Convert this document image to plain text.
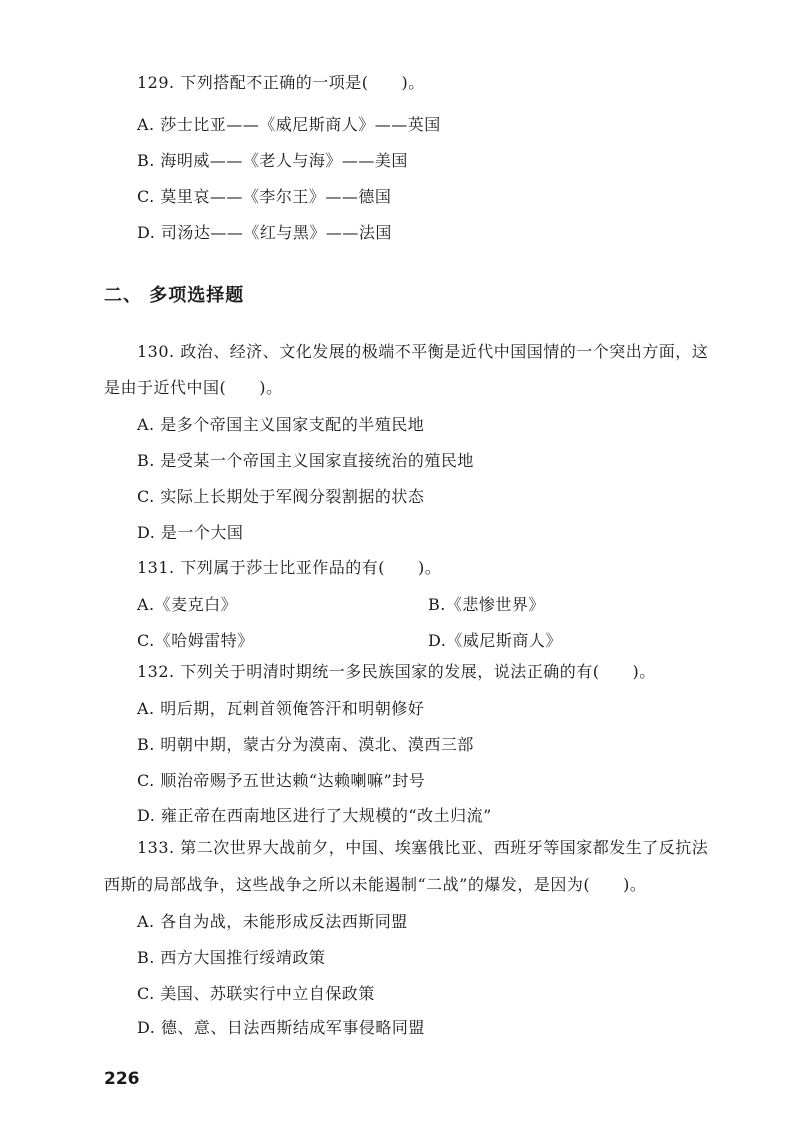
129. 下列搭配不正确的一项是(　　)。
A. 莎士比亚——《威尼斯商人》——英国
B. 海明威——《老人与海》——美国
C. 莫里哀——《李尔王》——德国
D. 司汤达——《红与黑》——法国
二、 多项选择题
130. 政治、经济、文化发展的极端不平衡是近代中国国情的一个突出方面，这
是由于近代中国(　　)。
A. 是多个帝国主义国家支配的半殖民地
B. 是受某一个帝国主义国家直接统治的殖民地
C. 实际上长期处于军阀分裂割据的状态
D. 是一个大国
131. 下列属于莎士比亚作品的有(　　)。
A.《麦克白》	B.《悲惨世界》
C.《哈姆雷特》	D.《威尼斯商人》
132. 下列关于明清时期统一多民族国家的发展，说法正确的有(　　)。
A. 明后期，瓦剌首领俺答汗和明朝修好
B. 明朝中期，蒙古分为漠南、漠北、漠西三部
C. 顺治帝赐予五世达赖“达赖喇嘛”封号
D. 雍正帝在西南地区进行了大规模的“改土归流”
133. 第二次世界大战前夕，中国、埃塞俄比亚、西班牙等国家都发生了反抗法
西斯的局部战争，这些战争之所以未能遏制“二战”的爆发，是因为(　　)。
A. 各自为战，未能形成反法西斯同盟
B. 西方大国推行绥靖政策
C. 美国、苏联实行中立自保政策
D. 德、意、日法西斯结成军事侵略同盟
226
